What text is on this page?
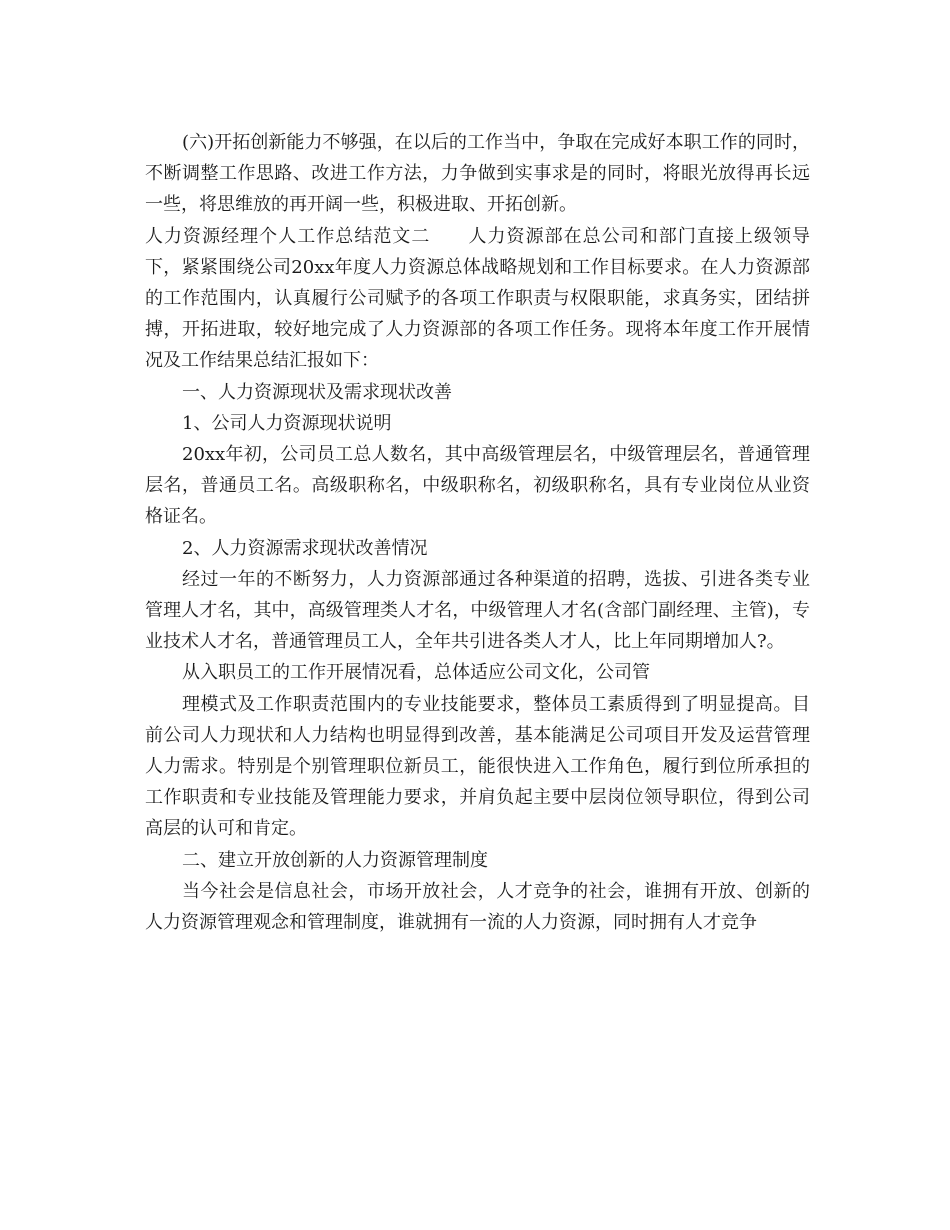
(六)开拓创新能力不够强，在以后的工作当中，争取在完成好本职工作的同时，不断调整工作思路、改进工作方法，力争做到实事求是的同时，将眼光放得再长远一些，将思维放的再开阔一些，积极进取、开拓创新。

人力资源经理个人工作总结范文二　　人力资源部在总公司和部门直接上级领导下，紧紧围绕公司20xx年度人力资源总体战略规划和工作目标要求。在人力资源部的工作范围内，认真履行公司赋予的各项工作职责与权限职能，求真务实，团结拼搏，开拓进取，较好地完成了人力资源部的各项工作任务。现将本年度工作开展情况及工作结果总结汇报如下：

一、人力资源现状及需求现状改善

1、公司人力资源现状说明

20xx年初，公司员工总人数名，其中高级管理层名，中级管理层名，普通管理层名，普通员工名。高级职称名，中级职称名，初级职称名，具有专业岗位从业资格证名。

2、人力资源需求现状改善情况

经过一年的不断努力，人力资源部通过各种渠道的招聘，选拔、引进各类专业管理人才名，其中，高级管理类人才名，中级管理人才名(含部门副经理、主管)，专业技术人才名，普通管理员工人，全年共引进各类人才人，比上年同期增加人?。

从入职员工的工作开展情况看，总体适应公司文化，公司管

理模式及工作职责范围内的专业技能要求，整体员工素质得到了明显提高。目前公司人力现状和人力结构也明显得到改善，基本能满足公司项目开发及运营管理人力需求。特别是个别管理职位新员工，能很快进入工作角色，履行到位所承担的工作职责和专业技能及管理能力要求，并肩负起主要中层岗位领导职位，得到公司高层的认可和肯定。

二、建立开放创新的人力资源管理制度

当今社会是信息社会，市场开放社会，人才竞争的社会，谁拥有开放、创新的人力资源管理观念和管理制度，谁就拥有一流的人力资源，同时拥有人才竞争
